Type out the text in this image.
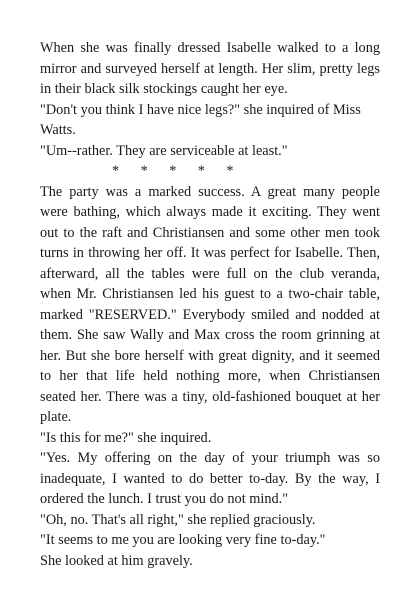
When she was finally dressed Isabelle walked to a long mirror and surveyed herself at length. Her slim, pretty legs in their black silk stockings caught her eye.

"Don't you think I have nice legs?" she inquired of Miss Watts.

"Um--rather. They are serviceable at least."

*      *      *      *      *

The party was a marked success. A great many people were bathing, which always made it exciting. They went out to the raft and Christiansen and some other men took turns in throwing her off. It was perfect for Isabelle. Then, afterward, all the tables were full on the club veranda, when Mr. Christiansen led his guest to a two-chair table, marked "RESERVED." Everybody smiled and nodded at them. She saw Wally and Max cross the room grinning at her. But she bore herself with great dignity, and it seemed to her that life held nothing more, when Christiansen seated her. There was a tiny, old-fashioned bouquet at her plate.

"Is this for me?" she inquired.

"Yes. My offering on the day of your triumph was so inadequate, I wanted to do better to-day. By the way, I ordered the lunch. I trust you do not mind."

"Oh, no. That's all right," she replied graciously.

"It seems to me you are looking very fine to-day."

She looked at him gravely.
